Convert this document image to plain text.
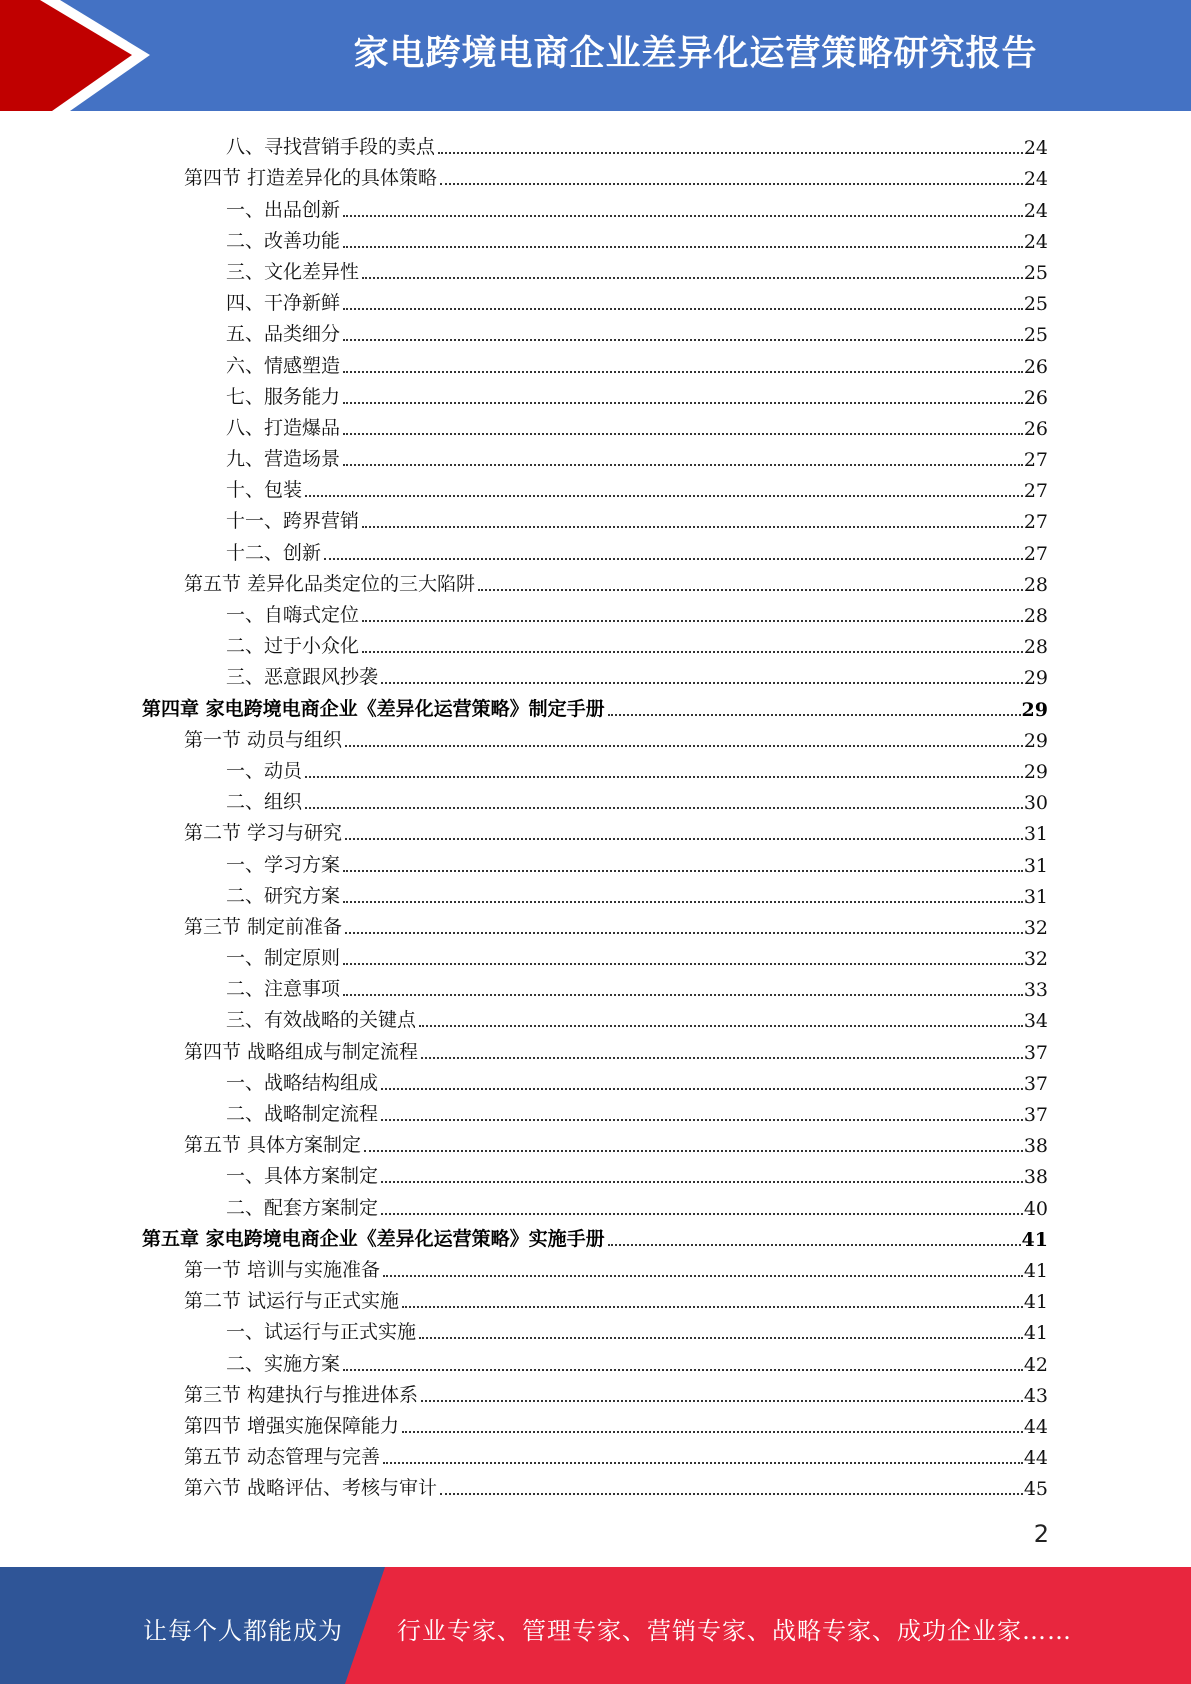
家电跨境电商企业差异化运营策略研究报告
八、寻找营销手段的卖点	24
第四节 打造差异化的具体策略	24
一、出品创新	24
二、改善功能	24
三、文化差异性	25
四、干净新鲜	25
五、品类细分	25
六、情感塑造	26
七、服务能力	26
八、打造爆品	26
九、营造场景	27
十、包装	27
十一、跨界营销	27
十二、创新	27
第五节 差异化品类定位的三大陷阱	28
一、自嗨式定位	28
二、过于小众化	28
三、恶意跟风抄袭	29
第四章 家电跨境电商企业《差异化运营策略》制定手册	29
第一节 动员与组织	29
一、动员	29
二、组织	30
第二节 学习与研究	31
一、学习方案	31
二、研究方案	31
第三节 制定前准备	32
一、制定原则	32
二、注意事项	33
三、有效战略的关键点	34
第四节 战略组成与制定流程	37
一、战略结构组成	37
二、战略制定流程	37
第五节 具体方案制定	38
一、具体方案制定	38
二、配套方案制定	40
第五章 家电跨境电商企业《差异化运营策略》实施手册	41
第一节 培训与实施准备	41
第二节 试运行与正式实施	41
一、试运行与正式实施	41
二、实施方案	42
第三节 构建执行与推进体系	43
第四节 增强实施保障能力	44
第五节 动态管理与完善	44
第六节 战略评估、考核与审计	45
2
让每个人都能成为 行业专家、管理专家、营销专家、战略专家、成功企业家……
